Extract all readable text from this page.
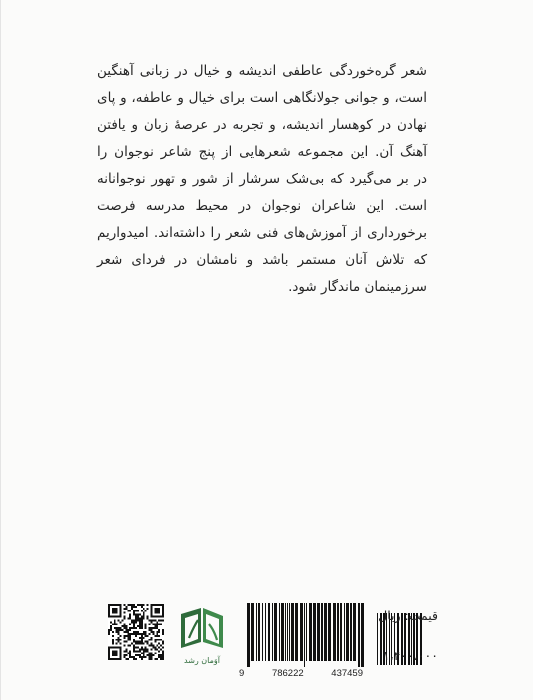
شعر گره‌خوردگی عاطفی اندیشه و خیال در زبانی آهنگین
است، و جوانی جولانگاهی است برای خیال و عاطفه، و پای
نهادن در کوهسار اندیشه، و تجربه در عرصهٔ زبان و یافتن
آهنگ آن. این مجموعه شعرهایی از پنج شاعر نوجوان را
در بر می‌گیرد که بی‌شک سرشار از شور و تهور نوجوانانه
است. این شاعران نوجوان در محیط مدرسه فرصت
برخورداری از آموزش‌های فنی شعر را داشته‌اند. امیدواریم
که تلاش آنان مستمر باشد و نامشان در فردای شعر
سرزمینمان ماندگار شود.

آوَمان رشد
9	786222	437459
قیمت: ریال
۱،۴۰۰،۰۰۰
